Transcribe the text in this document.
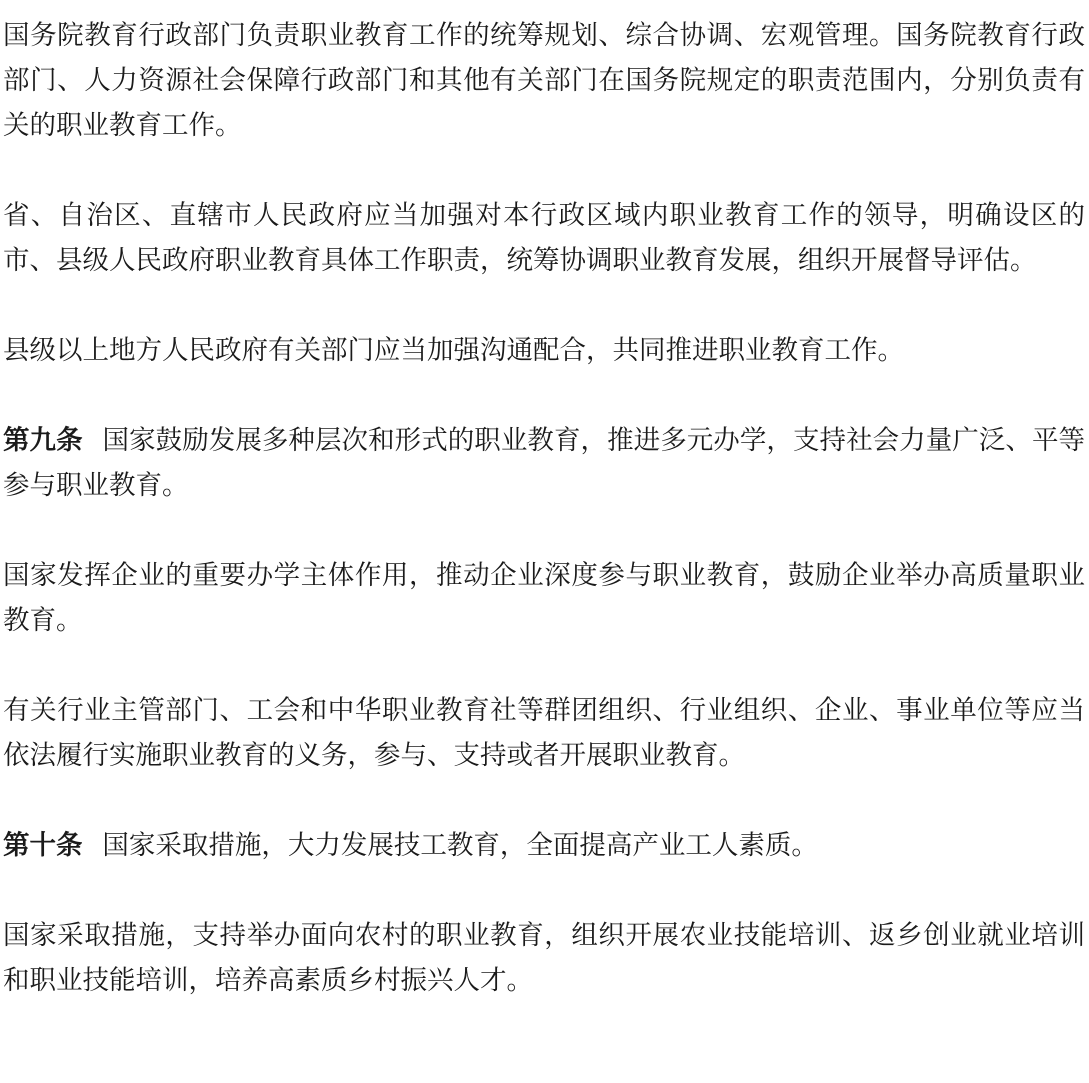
国务院教育行政部门负责职业教育工作的统筹规划、综合协调、宏观管理。国务院教育行政部门、人力资源社会保障行政部门和其他有关部门在国务院规定的职责范围内，分别负责有关的职业教育工作。

省、自治区、直辖市人民政府应当加强对本行政区域内职业教育工作的领导，明确设区的市、县级人民政府职业教育具体工作职责，统筹协调职业教育发展，组织开展督导评估。

县级以上地方人民政府有关部门应当加强沟通配合，共同推进职业教育工作。

第九条 国家鼓励发展多种层次和形式的职业教育，推进多元办学，支持社会力量广泛、平等参与职业教育。

国家发挥企业的重要办学主体作用，推动企业深度参与职业教育，鼓励企业举办高质量职业教育。

有关行业主管部门、工会和中华职业教育社等群团组织、行业组织、企业、事业单位等应当依法履行实施职业教育的义务，参与、支持或者开展职业教育。

第十条 国家采取措施，大力发展技工教育，全面提高产业工人素质。

国家采取措施，支持举办面向农村的职业教育，组织开展农业技能培训、返乡创业就业培训和职业技能培训，培养高素质乡村振兴人才。
